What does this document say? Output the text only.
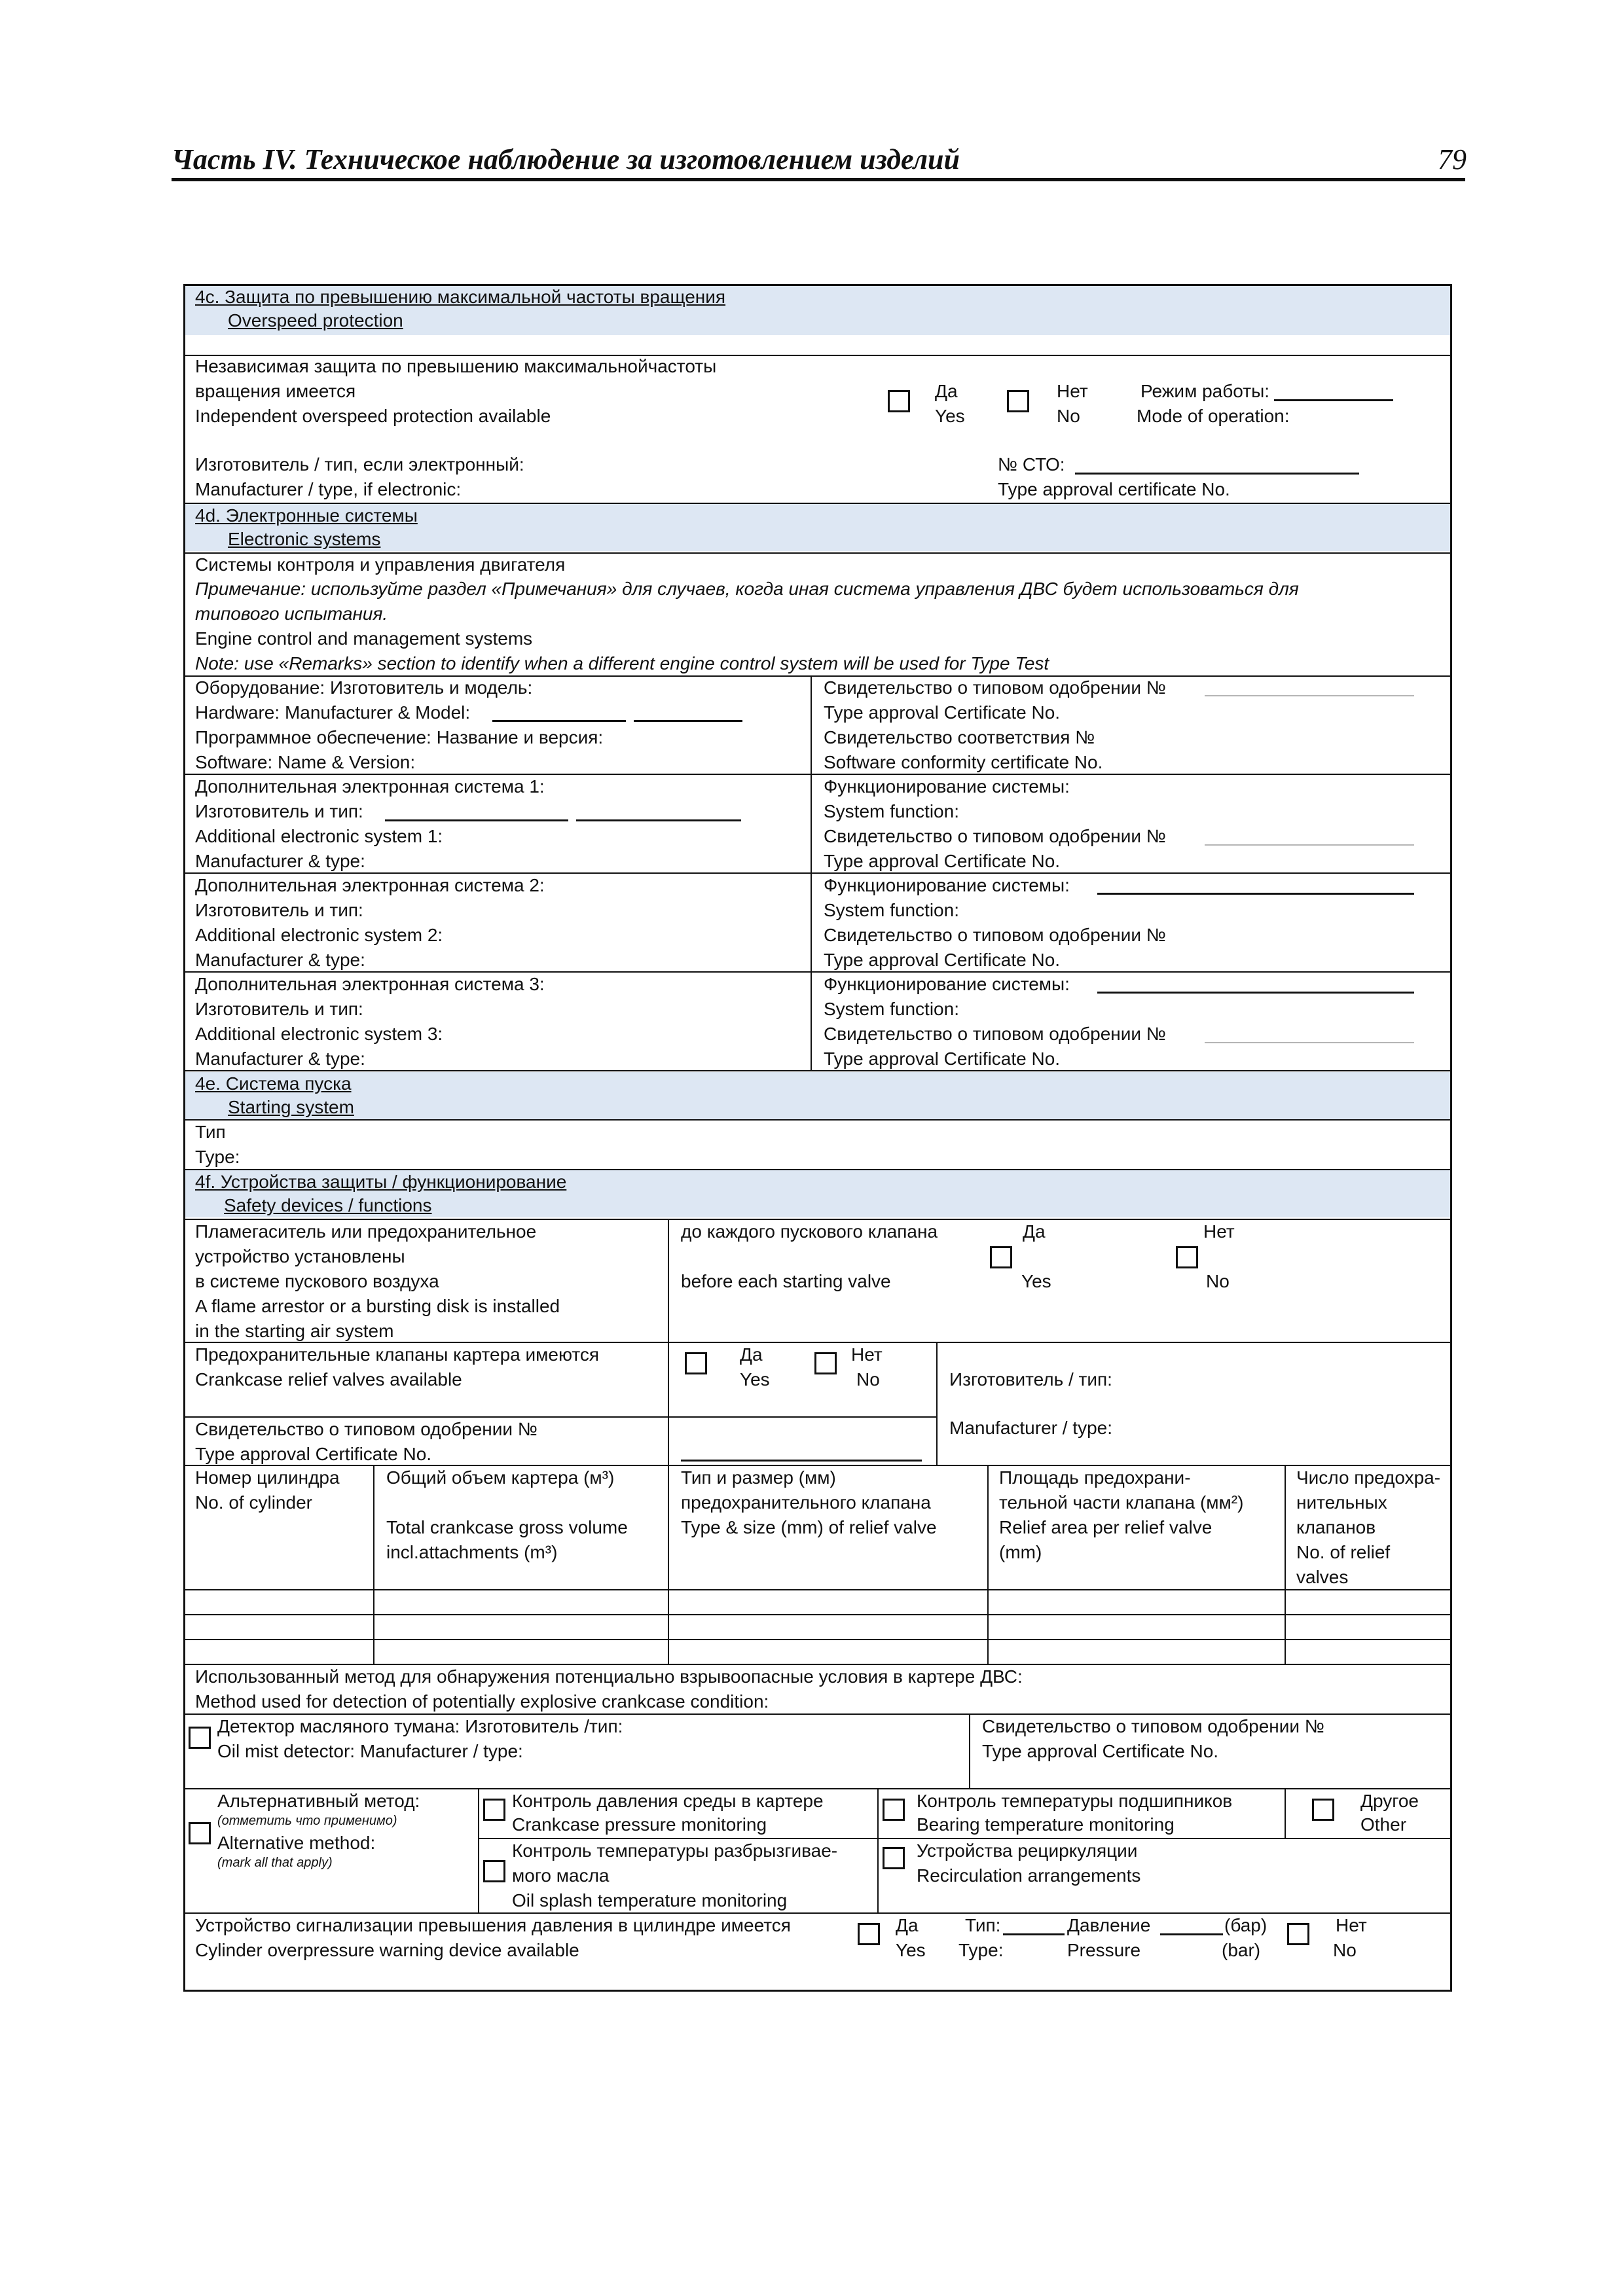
Часть IV. Техническое наблюдение за изготовлением изделий	79
4с. Защита по превышению максимальной частоты вращения
Overspeed protection
Независимая защита по превышению максимальнойчастоты
вращения имеется
Independent overspeed protection available
Да
Yes
Нет
No
Режим работы:
Mode of operation:
Изготовитель / тип, если электронный:
Manufacturer / type, if electronic:
№ СТО:
Type approval certificate No.
4d. Электронные системы
Electronic systems
Системы контроля и управления двигателя
Примечание: используйте раздел «Примечания» для случаев, когда иная система управления ДВС будет использоваться для
типового испытания.
Engine control and management systems
Note: use «Remarks» section to identify when a different engine control system will be used for Type Test
Оборудование: Изготовитель и модель:
Hardware: Manufacturer & Model:
Программное обеспечение: Название и версия:
Software: Name & Version:
Свидетельство о типовом одобрении №
Type approval Certificate No.
Свидетельство соответствия №
Software conformity certificate No.
Дополнительная электронная система 1:
Изготовитель и тип:
Additional electronic system 1:
Manufacturer & type:
Функционирование системы:
System function:
Свидетельство о типовом одобрении №
Type approval Certificate No.
Дополнительная электронная система 2:
Изготовитель и тип:
Additional electronic system 2:
Manufacturer & type:
Функционирование системы:
System function:
Свидетельство о типовом одобрении №
Type approval Certificate No.
Дополнительная электронная система 3:
Изготовитель и тип:
Additional electronic system 3:
Manufacturer & type:
Функционирование системы:
System function:
Свидетельство о типовом одобрении №
Type approval Certificate No.
4е. Система пуска
Starting system
Тип
Type:
4f. Устройства защиты / функционирование
Safety devices / functions
Пламегаситель или предохранительное
устройство установлены
в системе пускового воздуха
A flame arrestor or a bursting disk is installed
in the starting air system
до каждого пускового клапана
before each starting valve
Да
Yes
Нет
No
Предохранительные клапаны картера имеются
Crankcase relief valves available
Да
Yes
Нет
No	Изготовитель / тип:
Manufacturer / type:
Свидетельство о типовом одобрении №
Type approval Certificate No.
Номер цилиндра
No. of cylinder
Общий объем картера (м³)
Total crankcase gross volume
incl.attachments (m³)
Тип и размер (мм)
предохранительного клапана
Type & size (mm) of relief valve
Площадь предохрани-
тельной части клапана (мм²)
Relief area per relief valve
(mm)
Число предохра-
нительных
клапанов
No. of relief
valves
Использованный метод для обнаружения потенциально взрывоопасные условия в картере ДВС:
Method used for detection of potentially explosive crankcase condition:
Детектор масляного тумана: Изготовитель /тип:
Oil mist detector: Manufacturer / type:
Свидетельство о типовом одобрении №
Type approval Certificate No.
Альтернативный метод:
(отметить что применимо)
Alternative method:
(mark all that apply)
Контроль давления среды в картере
Crankcase pressure monitoring
Контроль температуры подшипников
Bearing temperature monitoring
Другое
Other
Контроль температуры разбрызгивае-
мого масла
Oil splash temperature monitoring
Устройства рециркуляции
Recirculation arrangements
Устройство сигнализации превышения давления в цилиндре имеется
Cylinder overpressure warning device available
Да
Yes
Тип:
Type:
Давление
Pressure
(бар)
(bar)
Нет
No
